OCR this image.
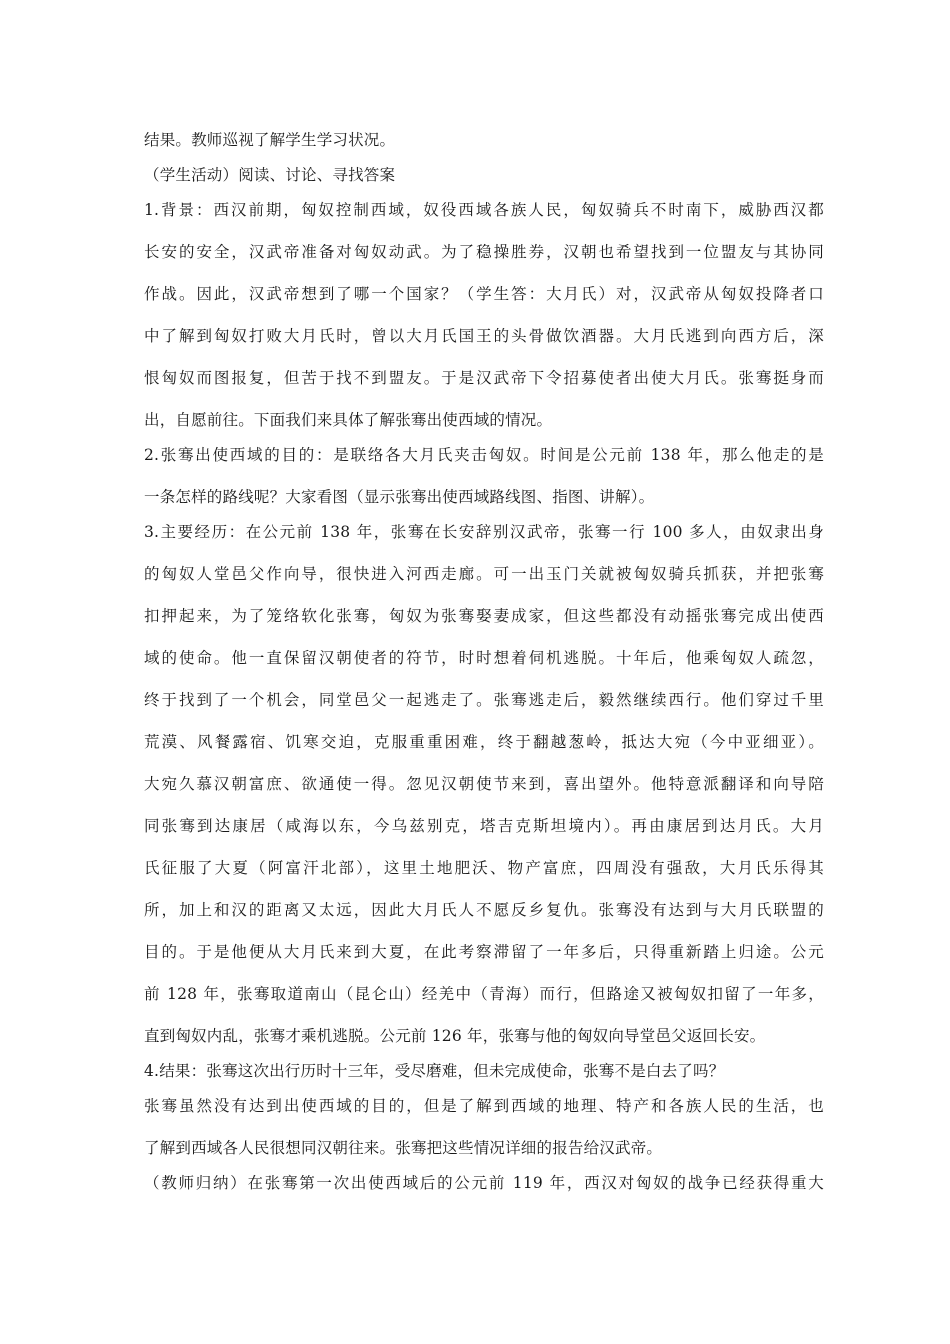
结果。教师巡视了解学生学习状况。
（学生活动）阅读、讨论、寻找答案
1.背景：西汉前期，匈奴控制西域，奴役西域各族人民，匈奴骑兵不时南下，威胁西汉都
长安的安全，汉武帝准备对匈奴动武。为了稳操胜券，汉朝也希望找到一位盟友与其协同
作战。因此，汉武帝想到了哪一个国家？（学生答：大月氏）对，汉武帝从匈奴投降者口
中了解到匈奴打败大月氏时，曾以大月氏国王的头骨做饮酒器。大月氏逃到向西方后，深
恨匈奴而图报复，但苦于找不到盟友。于是汉武帝下令招募使者出使大月氏。张骞挺身而
出，自愿前往。下面我们来具体了解张骞出使西域的情况。
2.张骞出使西域的目的：是联络各大月氏夹击匈奴。时间是公元前 138 年，那么他走的是
一条怎样的路线呢？大家看图（显示张骞出使西域路线图、指图、讲解）。
3.主要经历：在公元前 138 年，张骞在长安辞别汉武帝，张骞一行 100 多人，由奴隶出身
的匈奴人堂邑父作向导，很快进入河西走廊。可一出玉门关就被匈奴骑兵抓获，并把张骞
扣押起来，为了笼络软化张骞，匈奴为张骞娶妻成家，但这些都没有动摇张骞完成出使西
域的使命。他一直保留汉朝使者的符节，时时想着伺机逃脱。十年后，他乘匈奴人疏忽，
终于找到了一个机会，同堂邑父一起逃走了。张骞逃走后，毅然继续西行。他们穿过千里
荒漠、风餐露宿、饥寒交迫，克服重重困难，终于翻越葱岭，抵达大宛（今中亚细亚）。
大宛久慕汉朝富庶、欲通使一得。忽见汉朝使节来到，喜出望外。他特意派翻译和向导陪
同张骞到达康居（咸海以东，今乌兹别克，塔吉克斯坦境内）。再由康居到达月氏。大月
氏征服了大夏（阿富汗北部），这里土地肥沃、物产富庶，四周没有强敌，大月氏乐得其
所，加上和汉的距离又太远，因此大月氏人不愿反乡复仇。张骞没有达到与大月氏联盟的
目的。于是他便从大月氏来到大夏，在此考察滞留了一年多后，只得重新踏上归途。公元
前 128 年，张骞取道南山（昆仑山）经羌中（青海）而行，但路途又被匈奴扣留了一年多，
直到匈奴内乱，张骞才乘机逃脱。公元前 126 年，张骞与他的匈奴向导堂邑父返回长安。
4.结果：张骞这次出行历时十三年，受尽磨难，但未完成使命，张骞不是白去了吗？
张骞虽然没有达到出使西域的目的，但是了解到西域的地理、特产和各族人民的生活，也
了解到西域各人民很想同汉朝往来。张骞把这些情况详细的报告给汉武帝。
（教师归纳）在张骞第一次出使西域后的公元前 119 年，西汉对匈奴的战争已经获得重大
